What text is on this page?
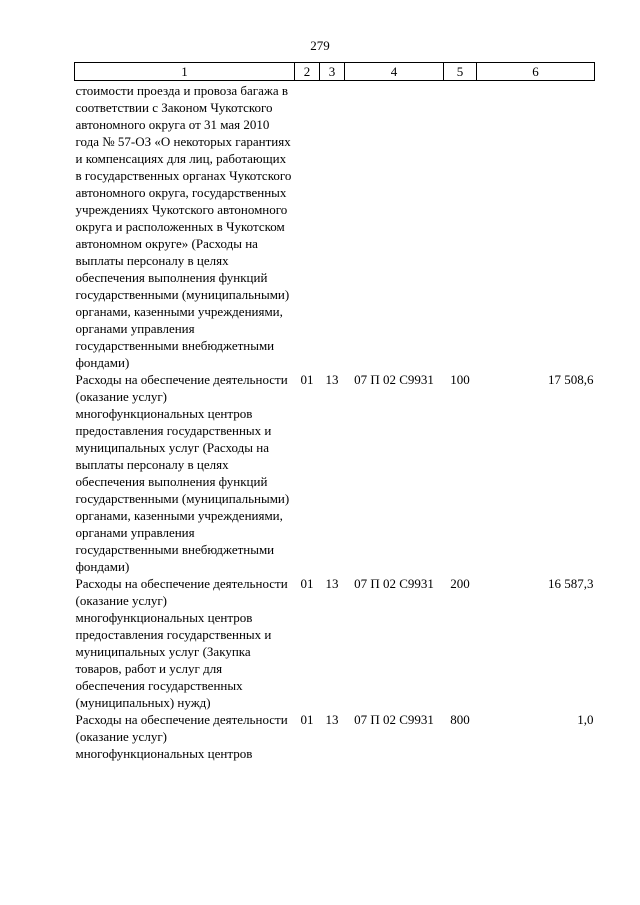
279
1	2	3	4	5	6
стоимости проезда и провоза багажа в соответствии с Законом Чукотского автономного округа от 31 мая 2010 года № 57-ОЗ «О некоторых гарантиях и компенсациях для лиц, работающих в государственных органах Чукотского автономного округа, государственных учреждениях Чукотского автономного округа и расположенных в Чукотском автономном округе» (Расходы на выплаты персоналу в целях обеспечения выполнения функций государственными (муниципальными) органами, казенными учреждениями, органами управления государственными внебюджетными фондами)					
Расходы на обеспечение деятельности (оказание услуг) многофункциональных центров предоставления государственных и муниципальных услуг (Расходы на выплаты персоналу в целях обеспечения выполнения функций государственными (муниципальными) органами, казенными учреждениями, органами управления государственными внебюджетными фондами)	01	13	07 П 02 С9931	100	17 508,6
Расходы на обеспечение деятельности (оказание услуг) многофункциональных центров предоставления государственных и муниципальных услуг (Закупка товаров, работ и услуг для обеспечения государственных (муниципальных) нужд)	01	13	07 П 02 С9931	200	16 587,3
Расходы на обеспечение деятельности (оказание услуг) многофункциональных центров	01	13	07 П 02 С9931	800	1,0
